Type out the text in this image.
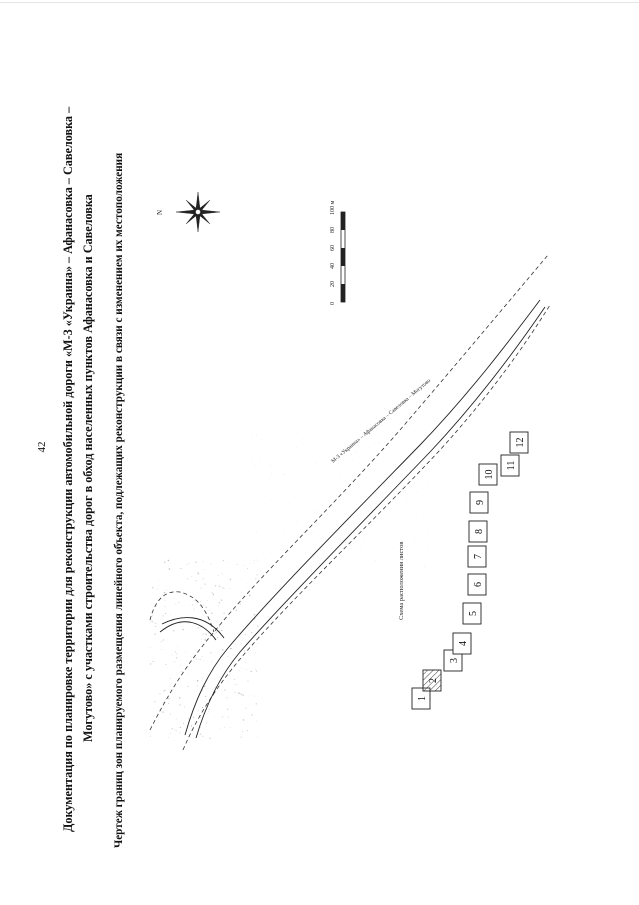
42 Документация по планировке территории для реконструкции автомобильной дороги «М-3 «Украина» – Афанасовка – Савеловка – Могутово» с участками строительства дорог в обход населенных пунктов Афанасовка и Савеловка Чертеж границ зон планируемого размещения линейного объекта, подлежащих реконструкции в связи с изменением их местоположения	М-3 «Украина» – Афанасовка – Савеловка – Могутово
N
0
20
40
60
80
100 м
Схема расположения листов
1
2
3
4
5
6
7
8
9
10
11
12
